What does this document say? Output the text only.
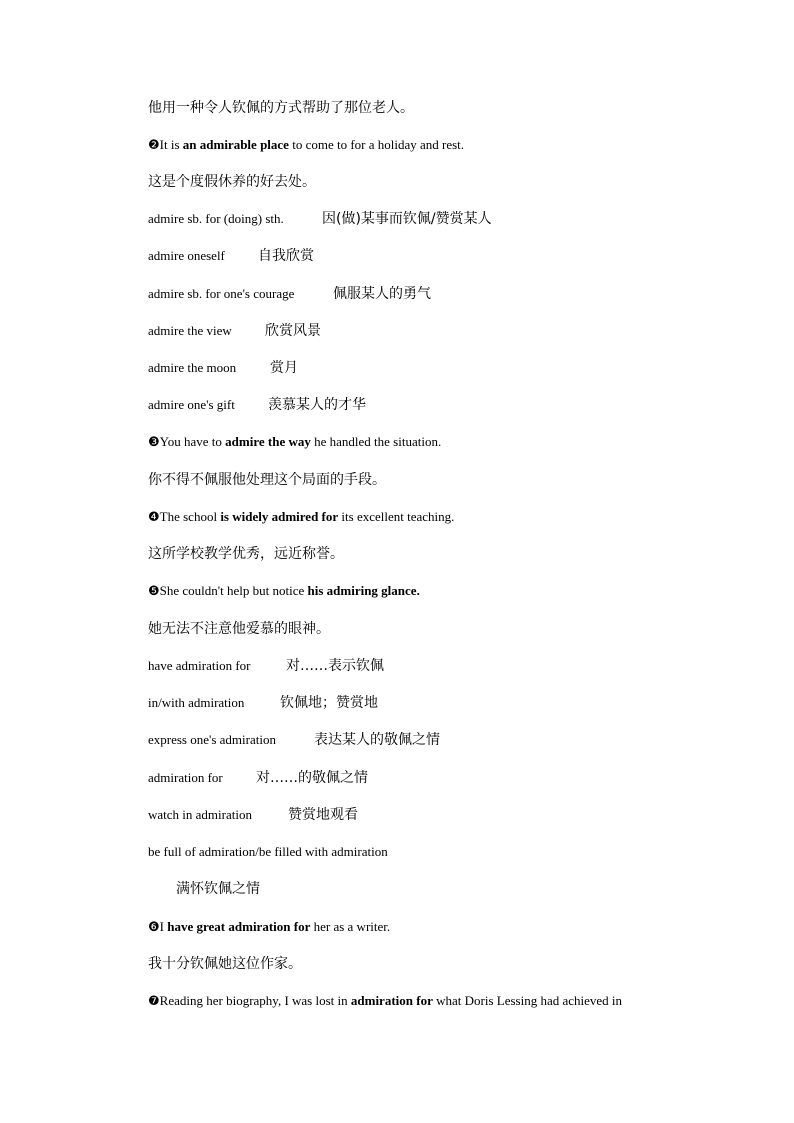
他用一种令人钦佩的方式帮助了那位老人。
❷It is an admirable place to come to for a holiday and rest.
这是个度假休养的好去处。
admire sb. for (doing) sth.	因(做)某事而钦佩/赞赏某人
admire oneself 自我欣赏
admire sb. for one's courage	佩服某人的勇气
admire the view 欣赏风景
admire the moon 赏月
admire one's gift 羡慕某人的才华
❸You have to admire the way he handled the situation.
你不得不佩服他处理这个局面的手段。
❹The school is widely admired for its excellent teaching.
这所学校教学优秀，远近称誉。
❺She couldn't help but notice his admiring glance.
她无法不注意他爱慕的眼神。
have admiration for	对……表示钦佩
in/with admiration	钦佩地；赞赏地
express one's admiration	表达某人的敬佩之情
admiration for 对……的敬佩之情
watch in admiration	赞赏地观看
be full of admiration/be filled with admiration
满怀钦佩之情
❻I have great admiration for her as a writer.
我十分钦佩她这位作家。
❼Reading her biography, I was lost in admiration for what Doris Lessing had achieved in
